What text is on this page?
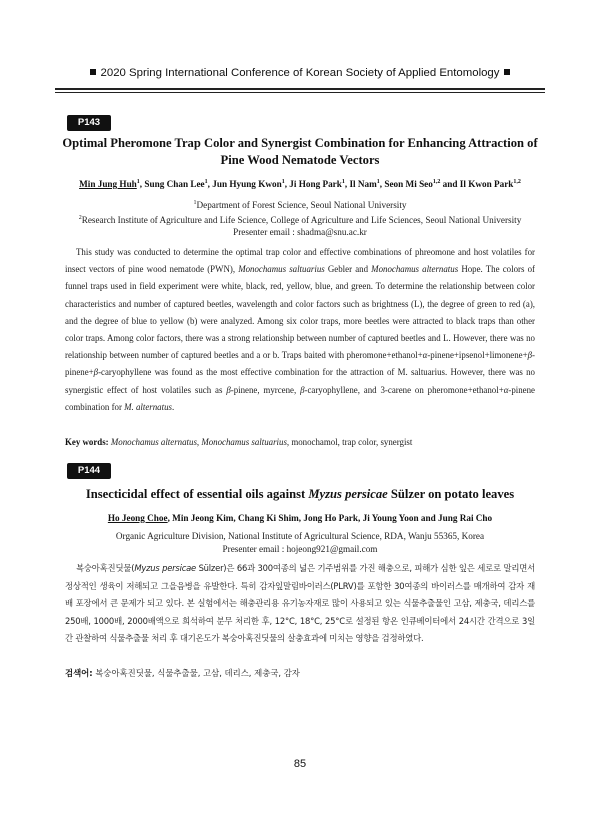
2020 Spring International Conference of Korean Society of Applied Entomology
P143
Optimal Pheromone Trap Color and Synergist Combination for Enhancing Attraction of Pine Wood Nematode Vectors
Min Jung Huh$^1$, Sung Chan Lee$^1$, Jun Hyung Kwon$^1$, Ji Hong Park$^1$, Il Nam$^1$, Seon Mi Seo$^{1,2}$ and Il Kwon Park$^{1,2}$
$^1$Department of Forest Science, Seoul National University
$^2$Research Institute of Agriculture and Life Science, College of Agriculture and Life Sciences, Seoul National University
Presenter email : shadma@snu.ac.kr
This study was conducted to determine the optimal trap color and effective combinations of phreomone and host volatiles for insect vectors of pine wood nematode (PWN), Monochamus saltuarius Gebler and Monochamus alternatus Hope. The colors of funnel traps used in field experiment were white, black, red, yellow, blue, and green. To determine the relationship between color characteristics and number of captured beetles, wavelength and color factors such as brightness (L), the degree of green to red (a), and the degree of blue to yellow (b) were analyzed. Among six color traps, more beetles were attracted to black traps than other color traps. Among color factors, there was a strong relationship between number of captured beetles and L. However, there was no relationship between number of captured beetles and a or b. Traps baited with pheromone+ethanol+α-pinene+ipsenol+limonene+β-pinene+β-caryophyllene was found as the most effective combination for the attraction of M. saltuarius. However, there was no synergistic effect of host volatiles such as β-pinene, myrcene, β-caryophyllene, and 3-carene on pheromone+ethanol+α-pinene combination for M. alternatus.
Key words: Monochamus alternatus, Monochamus saltuarius, monochamol, trap color, synergist
P144
Insecticidal effect of essential oils against Myzus persicae Sülzer on potato leaves
Ho Jeong Choe, Min Jeong Kim, Chang Ki Shim, Jong Ho Park, Ji Young Yoon and Jung Rai Cho
Organic Agriculture Division, National Institute of Agricultural Science, RDA, Wanju 55365, Korea
Presenter email : hojeong921@gmail.com
복숭아혹진딧물(Myzus persicae Sülzer)은 66과 300여종의 넓은 기주범위를 가진 해충으로, 피해가 심한 잎은 세로로 말리면서 정상적인 생육이 저해되고 그을음병을 유발한다. 특히 감자잎말림바이러스(PLRV)를 포함한 30여종의 바이러스를 매개하여 감자 재배 포장에서 큰 문제가 되고 있다. 본 실험에서는 해충관리용 유기농자재로 많이 사용되고 있는 식물추출물인 고삼, 제충국, 데리스를 250배, 1000배, 2000배액으로 희석하여 분무 처리한 후, 12°C, 18°C, 25°C로 설정된 항온 인큐베이터에서 24시간 간격으로 3일간 관찰하여 식물추출물 처리 후 대기온도가 복숭아혹진딧물의 살충효과에 미치는 영향을 검정하였다.
검색어: 복숭아혹진딧물, 식물추출물, 고삼, 데리스, 제충국, 감자
85
